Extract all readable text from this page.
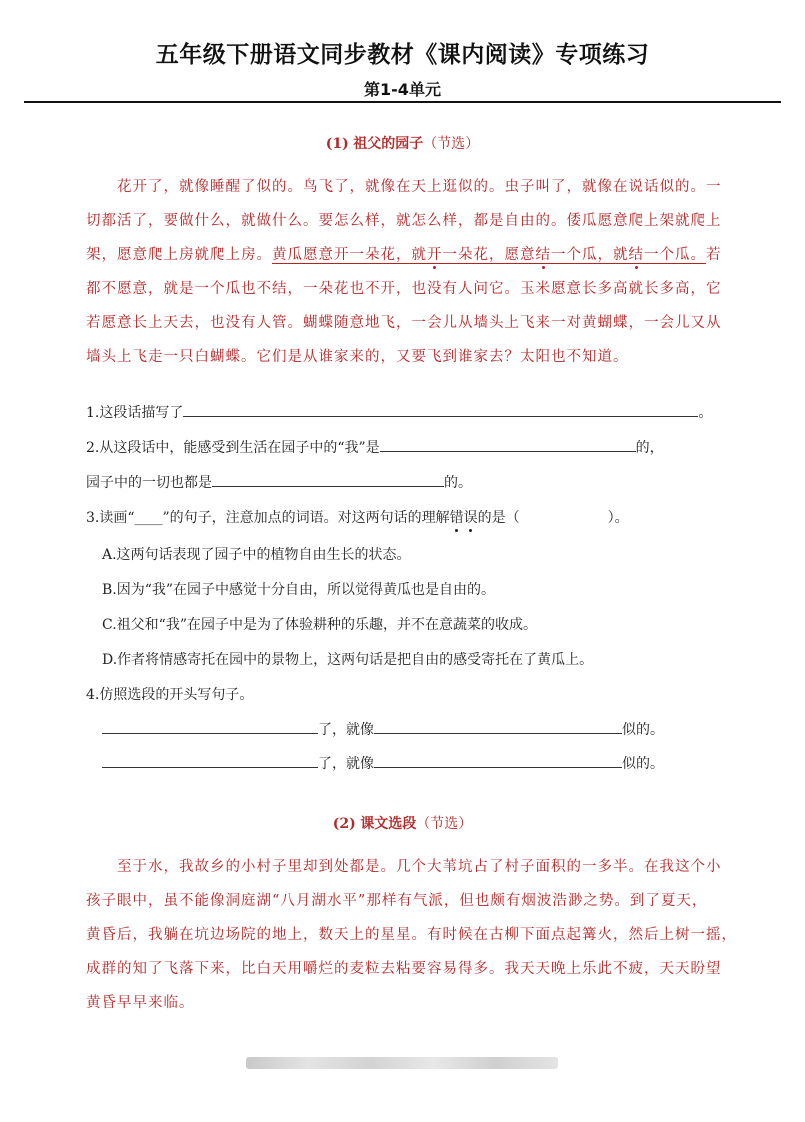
五年级下册语文同步教材《课内阅读》专项练习
第1-4单元
(1) 祖父的园子（节选）
花开了，就像睡醒了似的。鸟飞了，就像在天上逛似的。虫子叫了，就像在说话似的。一
切都活了，要做什么，就做什么。要怎么样，就怎么样，都是自由的。倭瓜愿意爬上架就爬上
架，愿意爬上房就爬上房。黄瓜愿意开一朵花，就开一朵花，愿意结一个瓜，就结一个瓜。若
都不愿意，就是一个瓜也不结，一朵花也不开，也没有人问它。玉米愿意长多高就长多高，它
若愿意长上天去，也没有人管。蝴蝶随意地飞，一会儿从墙头上飞来一对黄蝴蝶，一会儿又从
墙头上飞走一只白蝴蝶。它们是从谁家来的，又要飞到谁家去？太阳也不知道。
1.这段话描写了	。
2.从这段话中，能感受到生活在园子中的“我”是	的，
园子中的一切也都是	的。
3.读画“____”的句子，注意加点的词语。对这两句话的理解错误的是（	）。
A.这两句话表现了园子中的植物自由生长的状态。
B.因为“我”在园子中感觉十分自由，所以觉得黄瓜也是自由的。
C.祖父和“我”在园子中是为了体验耕种的乐趣，并不在意蔬菜的收成。
D.作者将情感寄托在园中的景物上，这两句话是把自由的感受寄托在了黄瓜上。
4.仿照选段的开头写句子。
了，就像	似的。
了，就像	似的。
(2) 课文选段（节选）
至于水，我故乡的小村子里却到处都是。几个大苇坑占了村子面积的一多半。在我这个小
孩子眼中，虽不能像洞庭湖“八月湖水平”那样有气派，但也颇有烟波浩渺之势。到了夏天，
黄昏后，我躺在坑边场院的地上，数天上的星星。有时候在古柳下面点起篝火，然后上树一摇，
成群的知了飞落下来，比白天用嚼烂的麦粒去粘要容易得多。我天天晚上乐此不疲，天天盼望
黄昏早早来临。
